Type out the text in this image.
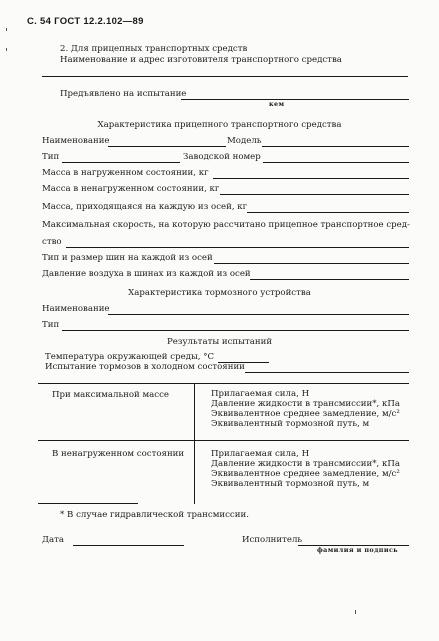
С. 54 ГОСТ 12.2.102—89
2. Для прицепных транспортных средств
Наименование и адрес изготовителя транспортного средства
Предъявлено на испытание
кем
Характеристика прицепного транспортного средства
Наименование	Модель
Тип	Заводской номер
Масса в нагруженном состоянии, кг
Масса в ненагруженном состоянии, кг
Масса, приходящаяся на каждую из осей, кг
Максимальная скорость, на которую рассчитано прицепное транспортное сред-
ство
Тип и размер шин на каждой из осей
Давление воздуха в шинах из каждой из осей
Характеристика тормозного устройства
Наименование
Тип
Результаты испытаний
Температура окружающей среды, °С
Испытание тормозов в холодном состоянии
При максимальной массе	Прилагаемая сила, Н
Давление жидкости в трансмиссии*, кПа
Эквивалентное среднее замедление, м/с²
Эквивалентный тормозной путь, м
В ненагруженном состоянии	Прилагаемая сила, Н
Давление жидкости в трансмиссии*, кПа
Эквивалентное среднее замедление, м/с²
Эквивалентный тормозной путь, м
* В случае гидравлической трансмиссии.
Дата	Исполнитель
фамилия и подпись
